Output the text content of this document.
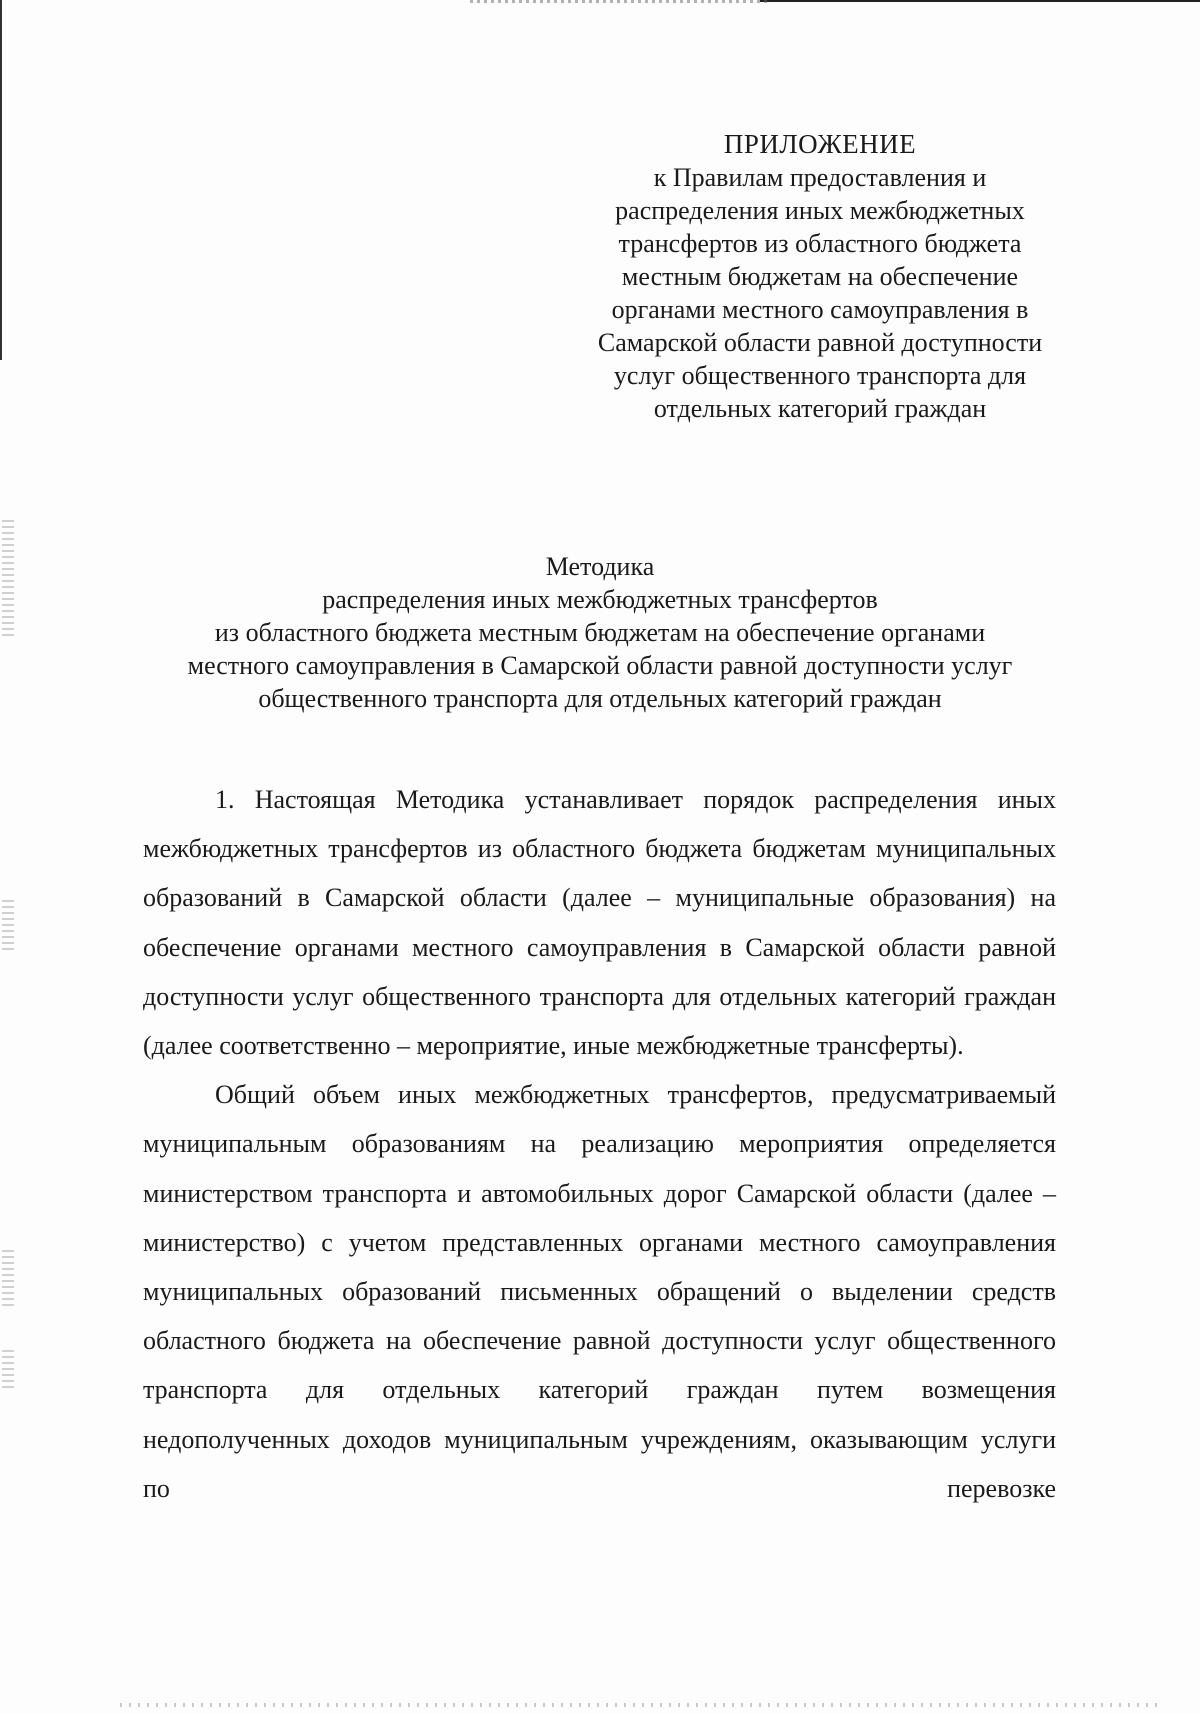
ПРИЛОЖЕНИЕ
к Правилам предоставления и
распределения иных межбюджетных
трансфертов из областного бюджета
местным бюджетам на обеспечение
органами местного самоуправления в
Самарской области равной доступности
услуг общественного транспорта для
отдельных категорий граждан
Методика
распределения иных межбюджетных трансфертов
из областного бюджета местным бюджетам на обеспечение органами
местного самоуправления в Самарской области равной доступности услуг
общественного транспорта для отдельных категорий граждан

1. Настоящая Методика устанавливает порядок распределения иных межбюджетных трансфертов из областного бюджета бюджетам муниципальных образований в Самарской области (далее – муниципальные образования) на обеспечение органами местного самоуправления в Самарской области равной доступности услуг общественного транспорта для отдельных категорий граждан (далее соответственно – мероприятие, иные межбюджетные трансферты).

Общий объем иных межбюджетных трансфертов, предусматриваемый муниципальным образованиям на реализацию мероприятия определяется министерством транспорта и автомобильных дорог Самарской области (далее – министерство) с учетом представленных органами местного самоуправления муниципальных образований письменных обращений о выделении средств областного бюджета на обеспечение равной доступности услуг общественного транспорта для отдельных категорий граждан путем возмещения недополученных доходов муниципальным учреждениям, оказывающим услуги по перевозке
